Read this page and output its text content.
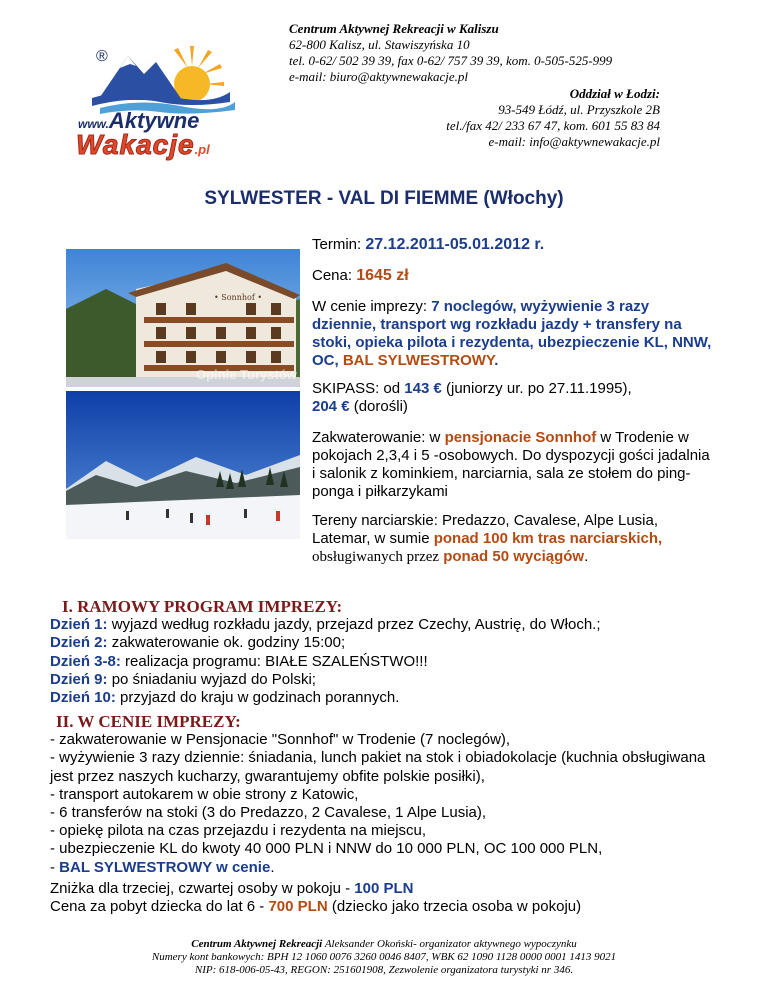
Centrum Aktywnej Rekreacji w Kaliszu
62-800 Kalisz, ul. Stawiszyńska 10
tel. 0-62/ 502 39 39, fax 0-62/ 757 39 39, kom. 0-505-525-999
e-mail: biuro@aktywnewakacje.pl
Oddział w Łodzi:
93-549 Łódź, ul. Przyszkole 2B
tel./fax 42/ 233 67 47, kom. 601 55 83 84
e-mail: info@aktywnewakacje.pl
®
www.Aktywne
Wakacje.pl
SYLWESTER - VAL DI FIEMME (Włochy)
• Sonnhof •
Opinie Turystów
Termin: 27.12.2011-05.01.2012 r.
Cena: 1645 zł
W cenie imprezy: 7 noclegów, wyżywienie 3 razy dziennie, transport wg rozkładu jazdy + transfery na stoki, opieka pilota i rezydenta, ubezpieczenie KL, NNW, OC, BAL SYLWESTROWY.
SKIPASS: od 143 € (juniorzy ur. po 27.11.1995),
204 € (dorośli)
Zakwaterowanie: w pensjonacie Sonnhof w Trodenie w pokojach 2,3,4 i 5 -osobowych. Do dyspozycji gości jadalnia i salonik z kominkiem, narciarnia, sala ze stołem do ping-ponga i piłkarzykami
Tereny narciarskie: Predazzo, Cavalese, Alpe Lusia, Latemar, w sumie ponad 100 km tras narciarskich, obsługiwanych przez ponad 50 wyciągów.
I. RAMOWY PROGRAM IMPREZY:
Dzień 1: wyjazd według rozkładu jazdy, przejazd przez Czechy, Austrię, do Włoch.;
Dzień 2: zakwaterowanie ok. godziny 15:00;
Dzień 3-8: realizacja programu: BIAŁE SZALEŃSTWO!!!
Dzień 9: po śniadaniu wyjazd do Polski;
Dzień 10: przyjazd do kraju w godzinach porannych.
II. W CENIE IMPREZY:
- zakwaterowanie w Pensjonacie "Sonnhof" w Trodenie (7 noclegów),
- wyżywienie 3 razy dziennie: śniadania, lunch pakiet na stok i obiadokolacje (kuchnia obsługiwana jest przez naszych kucharzy, gwarantujemy obfite polskie posiłki),
- transport autokarem w obie strony z Katowic,
- 6 transferów na stoki (3 do Predazzo, 2 Cavalese, 1 Alpe Lusia),
- opiekę pilota na czas przejazdu i rezydenta na miejscu,
- ubezpieczenie KL do kwoty 40 000 PLN i NNW do 10 000 PLN, OC 100 000 PLN,
- BAL SYLWESTROWY w cenie.
Zniżka dla trzeciej, czwartej osoby w pokoju - 100 PLN
Cena za pobyt dziecka do lat 6 - 700 PLN (dziecko jako trzecia osoba w pokoju)
Centrum Aktywnej Rekreacji Aleksander Okoński- organizator aktywnego wypoczynku
Numery kont bankowych: BPH 12 1060 0076 3260 0046 8407, WBK 62 1090 1128 0000 0001 1413 9021
NIP: 618-006-05-43, REGON: 251601908, Zezwolenie organizatora turystyki nr 346.
